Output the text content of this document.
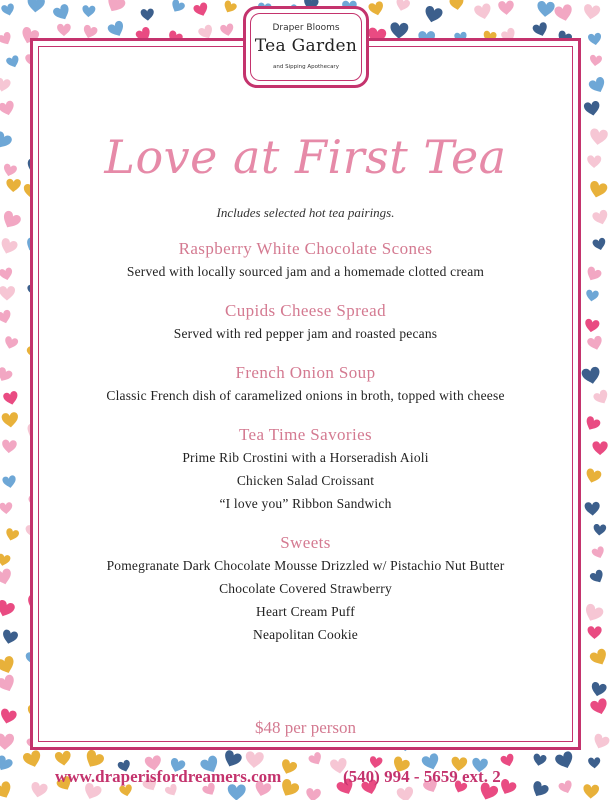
Draper Blooms
Tea Garden
and Sipping Apothecary
Love at First Tea
Includes selected hot tea pairings.
Raspberry White Chocolate Scones
Served with locally sourced jam and a homemade clotted cream
Cupids Cheese Spread
Served with red pepper jam and roasted pecans
French Onion Soup
Classic French dish of caramelized onions in broth, topped with cheese
Tea Time Savories
Prime Rib Crostini with a Horseradish Aioli
Chicken Salad Croissant
“I love you” Ribbon Sandwich
Sweets
Pomegranate Dark Chocolate Mousse Drizzled w/ Pistachio Nut Butter
Chocolate Covered Strawberry
Heart Cream Puff
Neapolitan Cookie
$48 per person
www.draperisfordreamers.com	(540) 994 - 5659 ext. 2
